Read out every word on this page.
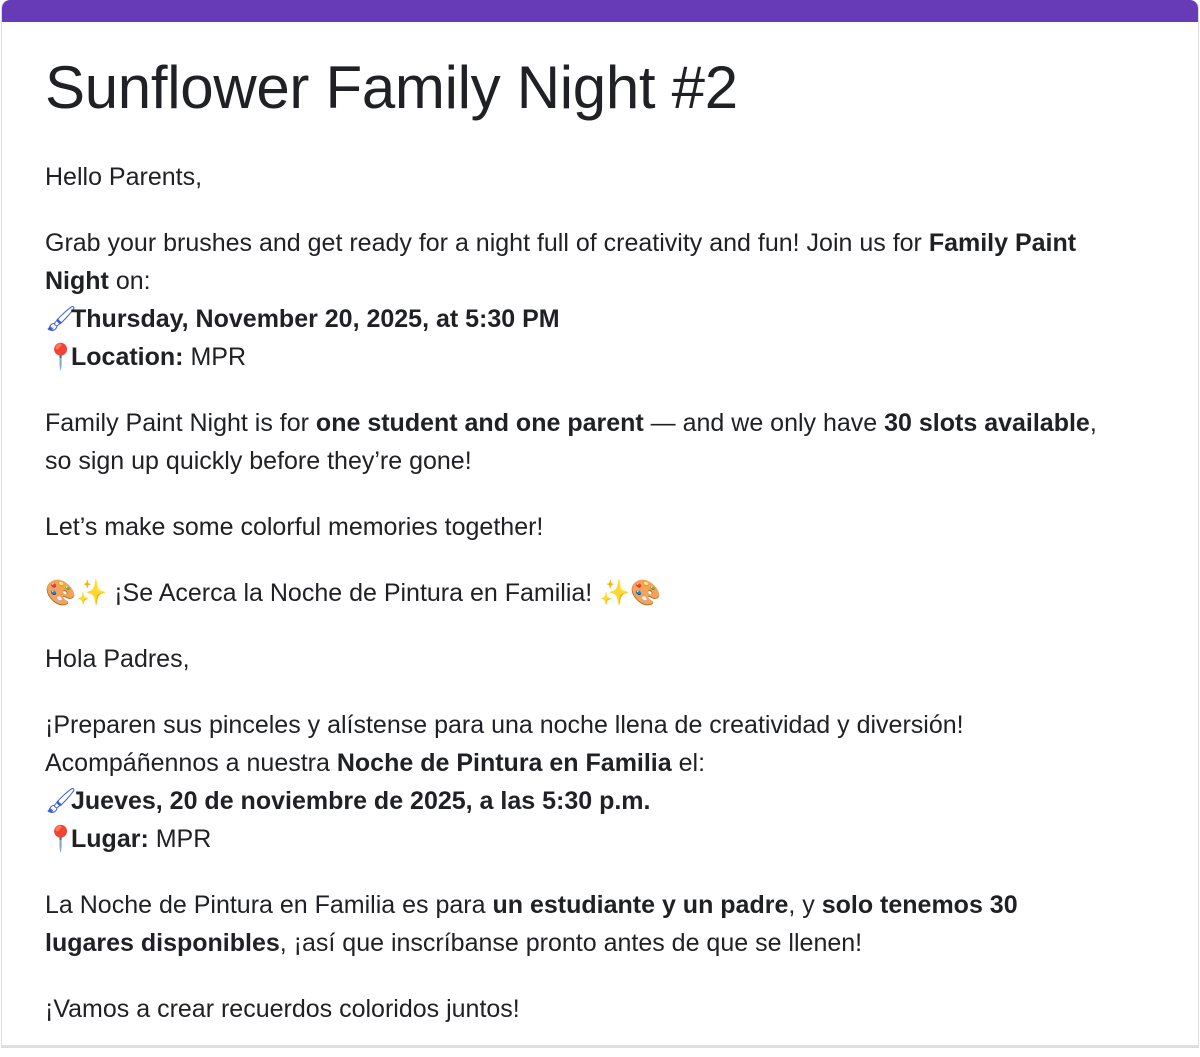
Sunflower Family Night #2

Hello Parents,

Grab your brushes and get ready for a night full of creativity and fun! Join us for Family Paint Night on:
🖌Thursday, November 20, 2025, at 5:30 PM
📍Location: MPR

Family Paint Night is for one student and one parent — and we only have 30 slots available, so sign up quickly before they’re gone!

Let’s make some colorful memories together!

🎨✨ ¡Se Acerca la Noche de Pintura en Familia! ✨🎨

Hola Padres,

¡Preparen sus pinceles y alístense para una noche llena de creatividad y diversión! Acompáñennos a nuestra Noche de Pintura en Familia el:
🖌Jueves, 20 de noviembre de 2025, a las 5:30 p.m.
📍Lugar: MPR

La Noche de Pintura en Familia es para un estudiante y un padre, y solo tenemos 30 lugares disponibles, ¡así que inscríbanse pronto antes de que se llenen!

¡Vamos a crear recuerdos coloridos juntos!
